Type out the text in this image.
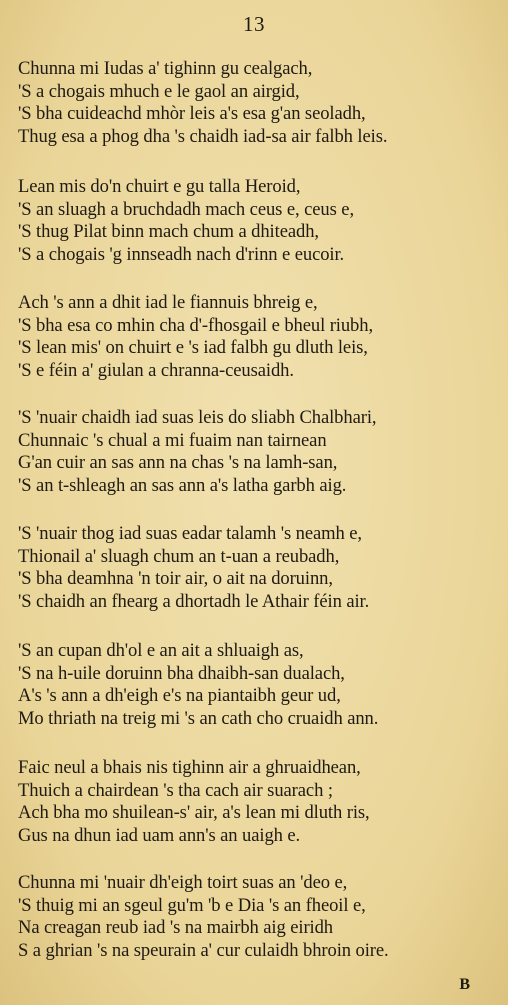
13
Chunna mi Iudas a' tighinn gu cealgach,
'S a chogais mhuch e le gaol an airgid,
'S bha cuideachd mhòr leis a's esa g'an seoladh,
Thug esa a phog dha 's chaidh iad-sa air falbh leis.
Lean mis do'n chuirt e gu talla Heroid,
'S an sluagh a bruchdadh mach ceus e, ceus e,
'S thug Pilat binn mach chum a dhiteadh,
'S a chogais 'g innseadh nach d'rinn e eucoir.
Ach 's ann a dhit iad le fiannuis bhreig e,
'S bha esa co mhin cha d'-fhosgail e bheul riubh,
'S lean mis' on chuirt e 's iad falbh gu dluth leis,
'S e féin a' giulan a chranna-ceusaidh.
'S 'nuair chaidh iad suas leis do sliabh Chalbhari,
Chunnaic 's chual a mi fuaim nan tairnean
G'an cuir an sas ann na chas 's na lamh-san,
'S an t-shleagh an sas ann a's latha garbh aig.
'S 'nuair thog iad suas eadar talamh 's neamh e,
Thionail a' sluagh chum an t-uan a reubadh,
'S bha deamhna 'n toir air, o ait na doruinn,
'S chaidh an fhearg a dhortadh le Athair féin air.
'S an cupan dh'ol e an ait a shluaigh as,
'S na h-uile doruinn bha dhaibh-san dualach,
A's 's ann a dh'eigh e's na piantaibh geur ud,
Mo thriath na treig mi 's an cath cho cruaidh ann.
Faic neul a bhais nis tighinn air a ghruaidhean,
Thuich a chairdean 's tha cach air suarach ;
Ach bha mo shuilean-s' air, a's lean mi dluth ris,
Gus na dhun iad uam ann's an uaigh e.
Chunna mi 'nuair dh'eigh toirt suas an 'deo e,
'S thuig mi an sgeul gu'm 'b e Dia 's an fheoil e,
Na creagan reub iad 's na mairbh aig eiridh
S a ghrian 's na speurain a' cur culaidh bhroin oire.
B
